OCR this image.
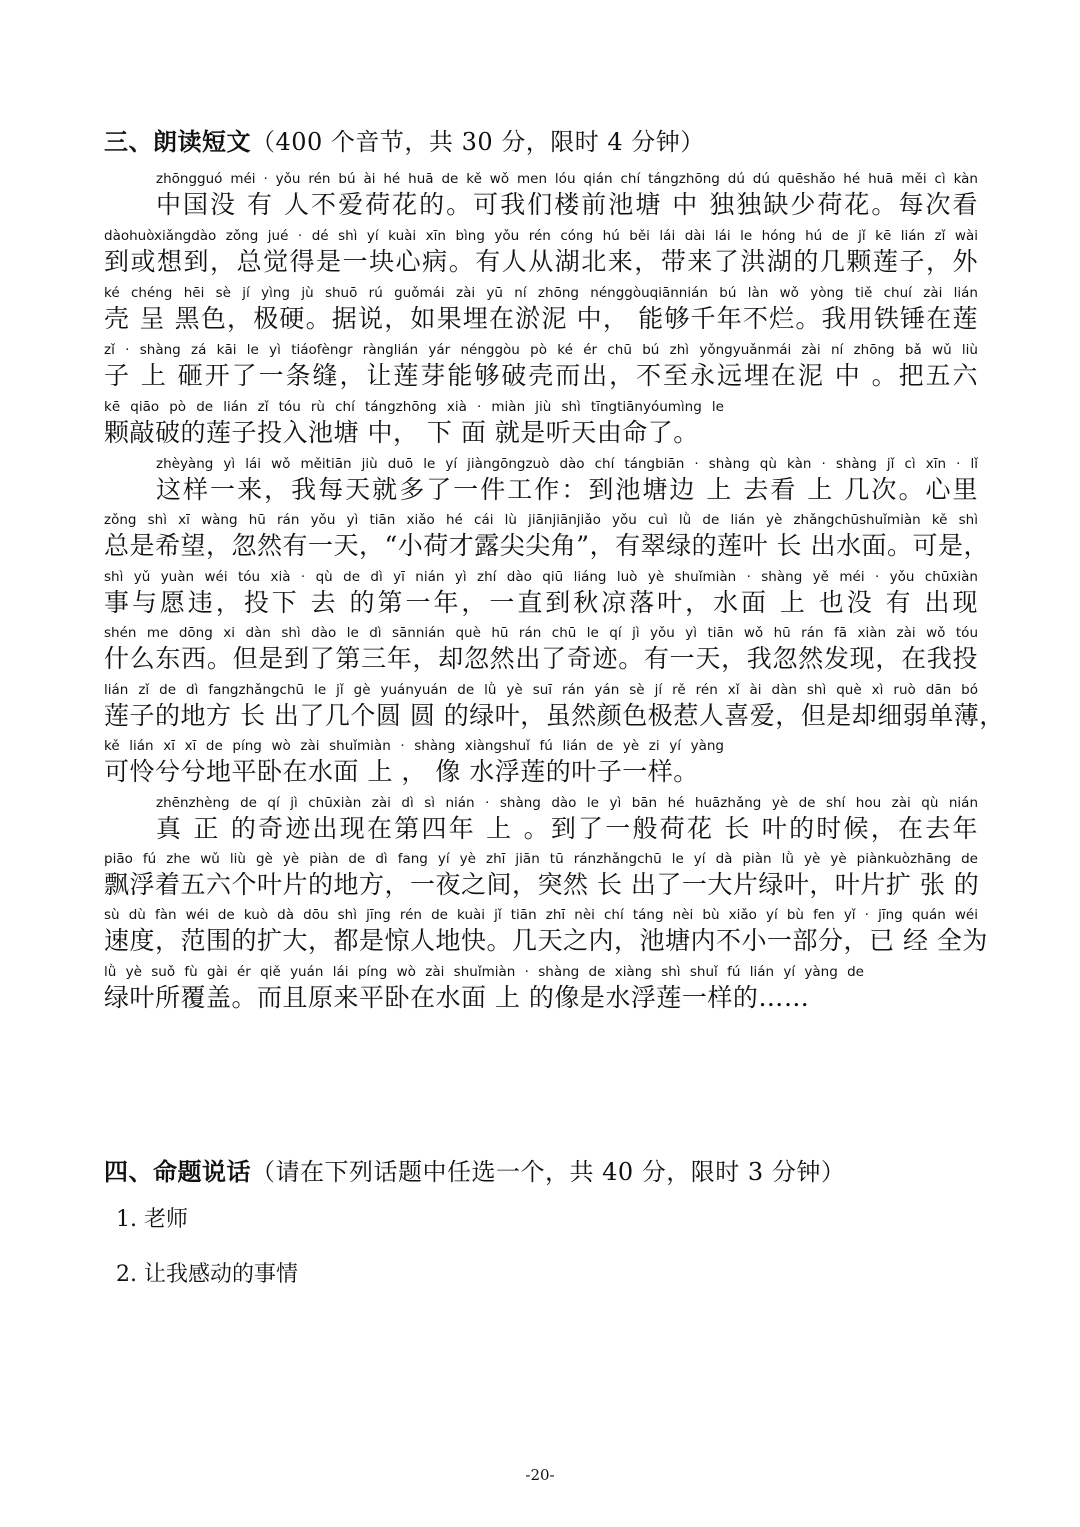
三、朗读短文（400 个音节，共 30 分，限时 4 分钟）
zhōngguó méi · yǒu rén bú ài hé huā de kě wǒ men lóu qián chí tángzhōng dú dú quēshǎo hé huā měi cì kàn
中国没 有 人不爱荷花的。可我们楼前池塘 中 独独缺少荷花。每次看
dàohuòxiǎngdào zǒng jué · dé shì yí kuài xīn bìng yǒu rén cóng hú běi lái dài lái le hóng hú de jǐ kē lián zǐ wài
到或想到，总觉得是一块心病。有人从湖北来，带来了洪湖的几颗莲子，外
ké chéng hēi sè jí yìng jù shuō rú guǒmái zài yū ní zhōng nénggòuqiānnián bú làn wǒ yòng tiě chuí zài lián
壳 呈 黑色，极硬。据说，如果埋在淤泥 中， 能够千年不烂。我用铁锤在莲
zǐ · shàng zá kāi le yì tiáofèngr rànglián yár nénggòu pò ké ér chū bú zhì yǒngyuǎnmái zài ní zhōng bǎ wǔ liù
子 上 砸开了一条缝，让莲芽能够破壳而出，不至永远埋在泥 中 。把五六
kē qiāo pò de lián zǐ tóu rù chí tángzhōng xià · miàn jiù shì tīngtiānyóumìng le
颗敲破的莲子投入池塘 中， 下 面 就是听天由命了。
zhèyàng yì lái wǒ měitiān jiù duō le yí jiàngōngzuò dào chí tángbiān · shàng qù kàn · shàng jǐ cì xīn · lǐ
这样一来，我每天就多了一件工作：到池塘边 上 去看 上 几次。心里
zǒng shì xī wàng hū rán yǒu yì tiān xiǎo hé cái lù jiānjiānjiǎo yǒu cuì lǜ de lián yè zhǎngchūshuǐmiàn kě shì
总是希望，忽然有一天，“小荷才露尖尖角”，有翠绿的莲叶 长 出水面。可是，
shì yǔ yuàn wéi tóu xià · qù de dì yī nián yì zhí dào qiū liáng luò yè shuǐmiàn · shàng yě méi · yǒu chūxiàn
事与愿违，投下 去 的第一年，一直到秋凉落叶，水面 上 也没 有 出现
shén me dōng xi dàn shì dào le dì sānnián què hū rán chū le qí jì yǒu yì tiān wǒ hū rán fā xiàn zài wǒ tóu
什么东西。但是到了第三年，却忽然出了奇迹。有一天，我忽然发现，在我投
lián zǐ de dì fangzhǎngchū le jǐ gè yuányuán de lǜ yè suī rán yán sè jí rě rén xǐ ài dàn shì què xì ruò dān bó
莲子的地方 长 出了几个圆 圆 的绿叶，虽然颜色极惹人喜爱，但是却细弱单薄，
kě lián xī xī de píng wò zài shuǐmiàn · shàng xiàngshuǐ fú lián de yè zi yí yàng
可怜兮兮地平卧在水面 上 ， 像 水浮莲的叶子一样。
zhēnzhèng de qí jì chūxiàn zài dì sì nián · shàng dào le yì bān hé huāzhǎng yè de shí hou zài qù nián
真 正 的奇迹出现在第四年 上 。到了一般荷花 长 叶的时候，在去年
piāo fú zhe wǔ liù gè yè piàn de dì fang yí yè zhī jiān tū ránzhǎngchū le yí dà piàn lǜ yè yè piànkuòzhāng de
飘浮着五六个叶片的地方，一夜之间，突然 长 出了一大片绿叶，叶片扩 张 的
sù dù fàn wéi de kuò dà dōu shì jīng rén de kuài jǐ tiān zhī nèi chí táng nèi bù xiǎo yí bù fen yǐ · jīng quán wéi
速度，范围的扩大，都是惊人地快。几天之内，池塘内不小一部分，已 经 全为
lǜ yè suǒ fù gài ér qiě yuán lái píng wò zài shuǐmiàn · shàng de xiàng shì shuǐ fú lián yí yàng de
绿叶所覆盖。而且原来平卧在水面 上 的像是水浮莲一样的……
四、命题说话（请在下列话题中任选一个，共 40 分，限时 3 分钟）
1. 老师
2. 让我感动的事情
-20-
